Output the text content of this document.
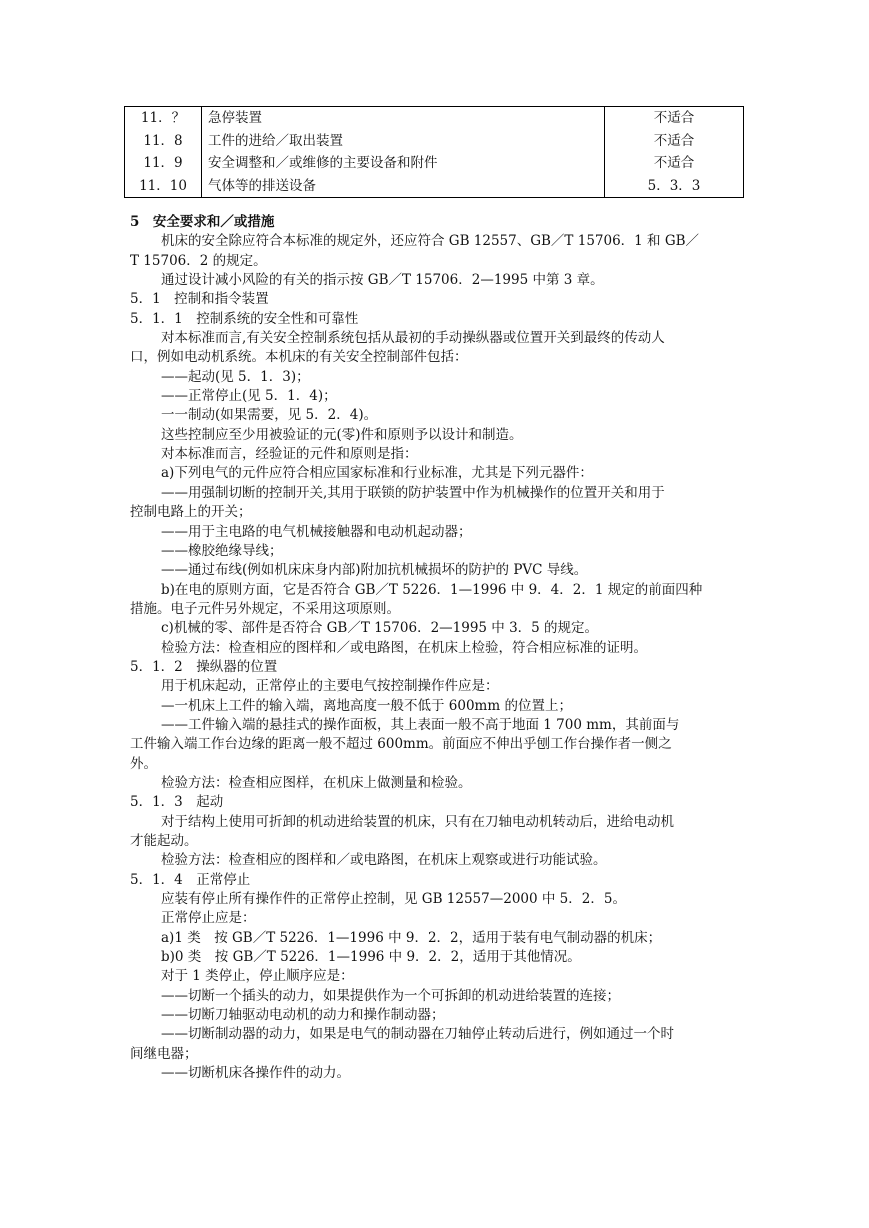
11．？	急停装置	不适合
11．8	工件的进给／取出装置	不适合
11．9	安全调整和／或维修的主要设备和附件	不适合
11．10	气体等的排送设备	5．3．3

5　安全要求和／或措施

机床的安全除应符合本标准的规定外，还应符合 GB 12557、GB／T 15706．1 和 GB／

T 15706．2 的规定。

通过设计减小风险的有关的指示按 GB／T 15706．2—1995 中第 3 章。

5．1　控制和指令装置

5．1．1　控制系统的安全性和可靠性

对本标准而言,有关安全控制系统包括从最初的手动操纵器或位置开关到最终的传动人

口，例如电动机系统。本机床的有关安全控制部件包括：

——起动(见 5．1．3)；

——正常停止(见 5．1．4)；

一一制动(如果需要，见 5．2．4)。

这些控制应至少用被验证的元(零)件和原则予以设计和制造。

对本标准而言，经验证的元件和原则是指：

a)下列电气的元件应符合相应国家标准和行业标准，尤其是下列元器件：

——用强制切断的控制开关,其用于联锁的防护装置中作为机械操作的位置开关和用于

控制电路上的开关；

——用于主电路的电气机械接触器和电动机起动器；

——橡胶绝缘导线；

——通过布线(例如机床床身内部)附加抗机械损坏的防护的 PVC 导线。

b)在电的原则方面，它是否符合 GB／T 5226．1—1996 中 9．4．2．1 规定的前面四种

措施。电子元件另外规定，不采用这项原则。

c)机械的零、部件是否符合 GB／T 15706．2—1995 中 3．5 的规定。

检验方法：检查相应的图样和／或电路图，在机床上检验，符合相应标准的证明。

5．1．2　操纵器的位置

用于机床起动，正常停止的主要电气按控制操作件应是：

—一机床上工件的输入端，离地高度一般不低于 600mm 的位置上；

——工件输入端的悬挂式的操作面板，其上表面一般不高于地面 1 700 mm，其前面与

工件输入端工作台边缘的距离一般不超过 600mm。前面应不伸出乎刨工作台操作者一侧之

外。

检验方法：检查相应图样，在机床上做测量和检验。

5．1．3　起动

对于结构上使用可折卸的机动进给装置的机床，只有在刀轴电动机转动后，进给电动机

才能起动。

检验方法：检查相应的图样和／或电路图，在机床上观察或进行功能试验。

5．1．4　正常停止

应装有停止所有操作件的正常停止控制，见 GB 12557—2000 中 5．2．5。

正常停止应是：

a)1 类　按 GB／T 5226．1—1996 中 9．2．2，适用于装有电气制动器的机床；

b)0 类　按 GB／T 5226．1—1996 中 9．2．2，适用于其他情况。

对于 1 类停止，停止顺序应是：

——切断一个插头的动力，如果提供作为一个可拆卸的机动进给装置的连接；

——切断刀轴驱动电动机的动力和操作制动器；

——切断制动器的动力，如果是电气的制动器在刀轴停止转动后进行，例如通过一个时

间继电器；

——切断机床各操作件的动力。
